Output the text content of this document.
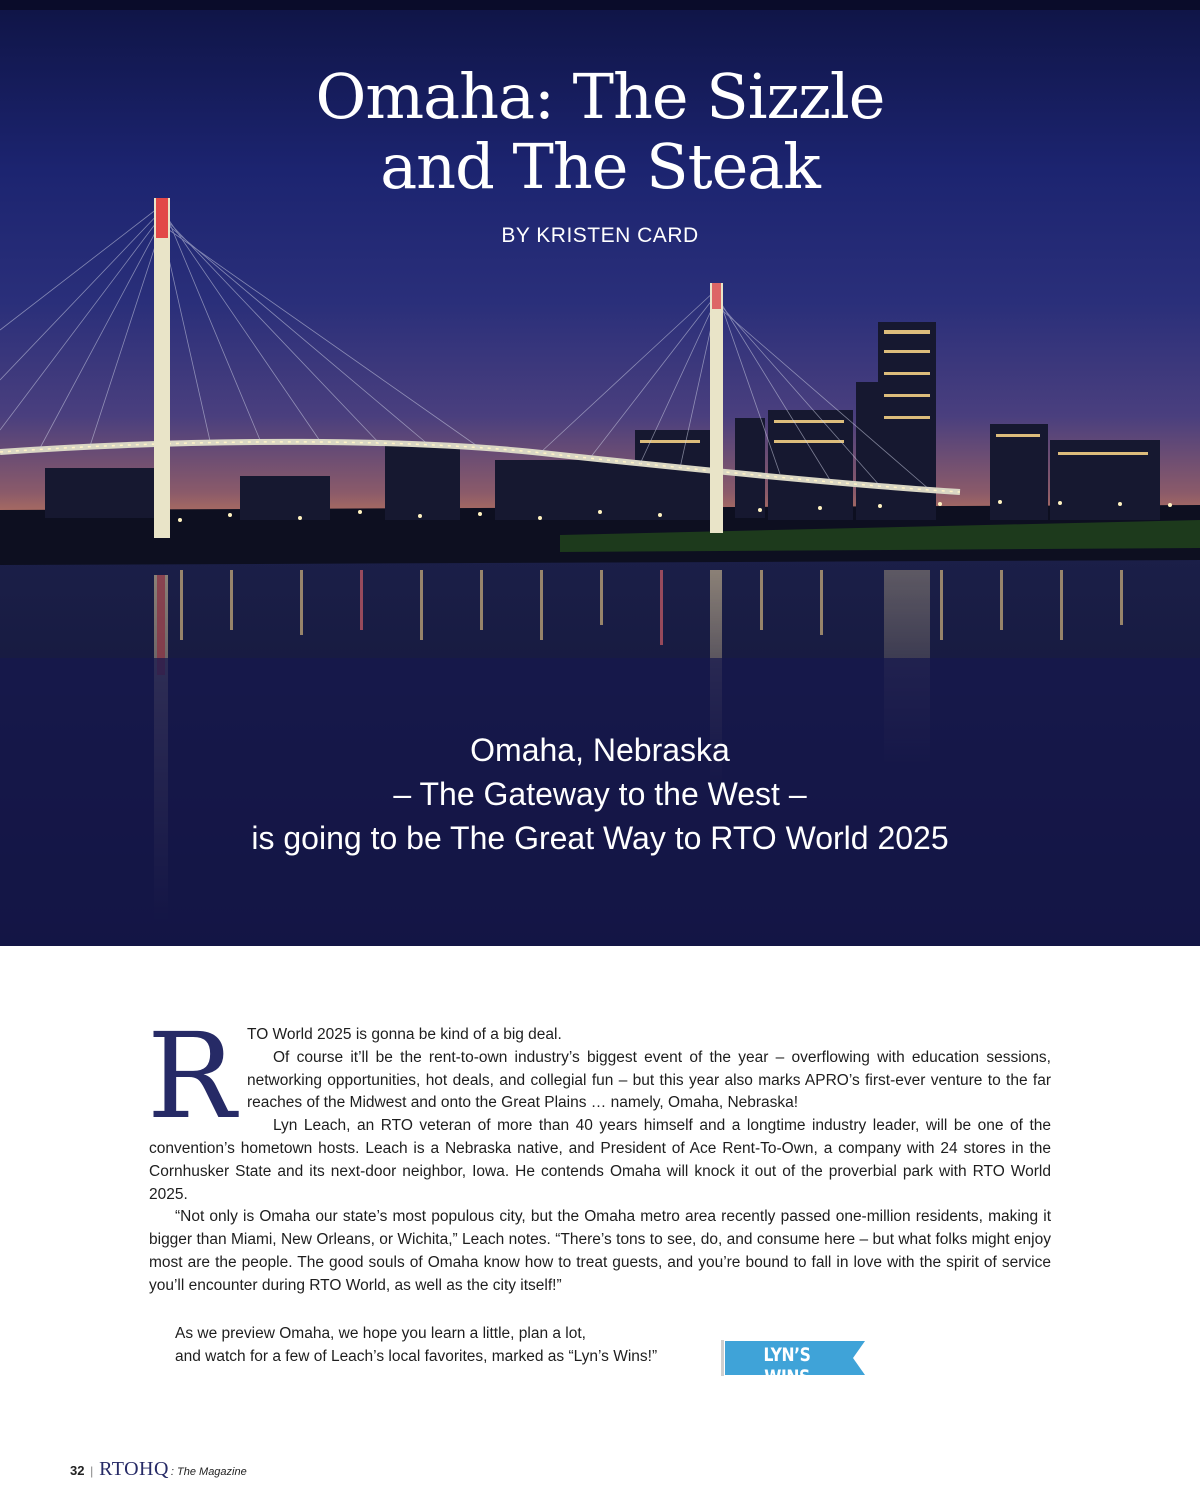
Omaha: The Sizzle
and The Steak
BY KRISTEN CARD
Omaha, Nebraska
– The Gateway to the West –
is going to be The Great Way to RTO World 2025
R TO World 2025 is gonna be kind of a big deal.

Of course it’ll be the rent-to-own industry’s biggest event of the year – overflowing with education sessions, networking opportunities, hot deals, and collegial fun – but this year also marks APRO’s first-ever venture to the far reaches of the Midwest and onto the Great Plains … namely, Omaha, Nebraska!

Lyn Leach, an RTO veteran of more than 40 years himself and a longtime industry leader, will be one of the convention’s hometown hosts. Leach is a Nebraska native, and President of Ace Rent-To-Own, a company with 24 stores in the Cornhusker State and its next-door neighbor, Iowa. He contends Omaha will knock it out of the proverbial park with RTO World 2025.

“Not only is Omaha our state’s most populous city, but the Omaha metro area recently passed one-million residents, making it bigger than Miami, New Orleans, or Wichita,” Leach notes. “There’s tons to see, do, and consume here – but what folks might enjoy most are the people. The good souls of Omaha know how to treat guests, and you’re bound to fall in love with the spirit of service you’ll encounter during RTO World, as well as the city itself!”

As we preview Omaha, we hope you learn a little, plan a lot,
and watch for a few of Leach’s local favorites, marked as “Lyn’s Wins!”	LYN’S WINS
32 | RTOHQ : The Magazine
